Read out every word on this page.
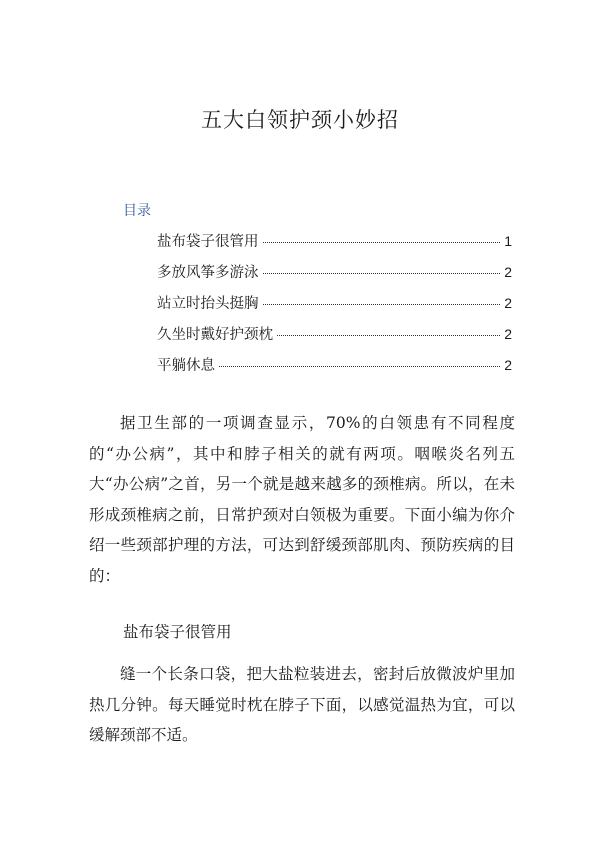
五大白领护颈小妙招
目录
盐布袋子很管用	1
多放风筝多游泳	2
站立时抬头挺胸	2
久坐时戴好护颈枕	2
平躺休息	2

据卫生部的一项调查显示，70%的白领患有不同程度的“办公病”，其中和脖子相关的就有两项。咽喉炎名列五大“办公病”之首，另一个就是越来越多的颈椎病。所以，在未形成颈椎病之前，日常护颈对白领极为重要。下面小编为你介绍一些颈部护理的方法，可达到舒缓颈部肌肉、预防疾病的目的：

盐布袋子很管用

缝一个长条口袋，把大盐粒装进去，密封后放微波炉里加热几分钟。每天睡觉时枕在脖子下面，以感觉温热为宜，可以缓解颈部不适。
